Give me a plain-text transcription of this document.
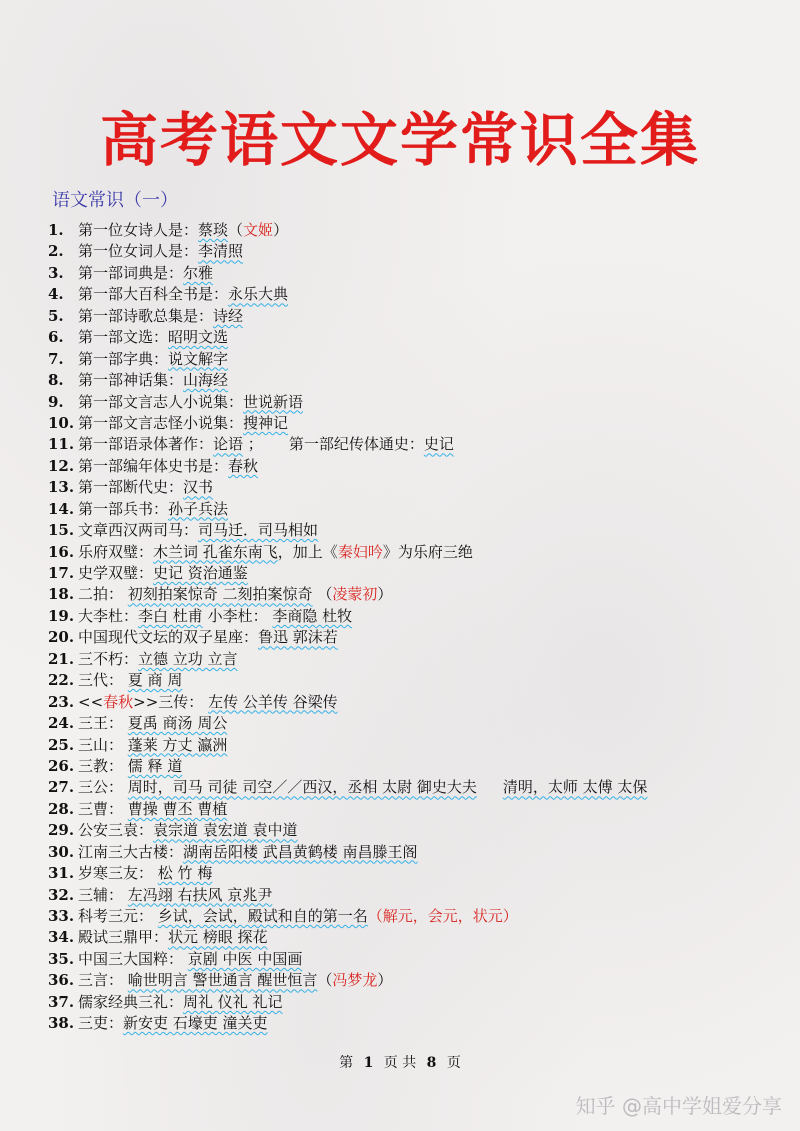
高考语文文学常识全集
语文常识（一）
1. 第一位女诗人是：蔡琰（文姬）
2. 第一位女词人是：李清照
3. 第一部词典是：尔雅
4. 第一部大百科全书是：永乐大典
5. 第一部诗歌总集是：诗经
6. 第一部文选：昭明文选
7. 第一部字典：说文解字
8. 第一部神话集：山海经
9. 第一部文言志人小说集：世说新语
10. 第一部文言志怪小说集：搜神记
11. 第一部语录体著作：论语 ； 第一部纪传体通史：史记
12. 第一部编年体史书是：春秋
13. 第一部断代史：汉书
14. 第一部兵书：孙子兵法
15. 文章西汉两司马：司马迁．司马相如
16. 乐府双璧：木兰词 孔雀东南飞，加上《秦妇吟》为乐府三绝
17. 史学双璧：史记 资治通鉴
18. 二拍： 初刻拍案惊奇 二刻拍案惊奇 （凌蒙初）
19. 大李杜：李白 杜甫 小李杜： 李商隐 杜牧
20. 中国现代文坛的双子星座：鲁迅 郭沫若
21. 三不朽：立德 立功 立言
22. 三代： 夏 商 周
23. <<春秋>>三传： 左传 公羊传 谷梁传
24. 三王： 夏禹 商汤 周公
25. 三山： 蓬莱 方丈 瀛洲
26. 三教： 儒 释 道
27. 三公： 周时，司马 司徒 司空／／西汉，丞相 太尉 御史大夫 清明，太师 太傅 太保
28. 三曹： 曹操 曹丕 曹植
29. 公安三袁：袁宗道 袁宏道 袁中道
30. 江南三大古楼：湖南岳阳楼 武昌黄鹤楼 南昌滕王阁
31. 岁寒三友： 松 竹 梅
32. 三辅： 左冯翊 右扶风 京兆尹
33. 科考三元： 乡试，会试，殿试和自的第一名（解元，会元，状元）
34. 殿试三鼎甲：状元 榜眼 探花
35. 中国三大国粹： 京剧 中医 中国画
36. 三言： 喻世明言 警世通言 醒世恒言（冯梦龙）
37. 儒家经典三礼：周礼 仪礼 礼记
38. 三吏：新安吏 石壕吏 潼关吏
第 1 页 共 8 页
知乎 @高中学姐爱分享
